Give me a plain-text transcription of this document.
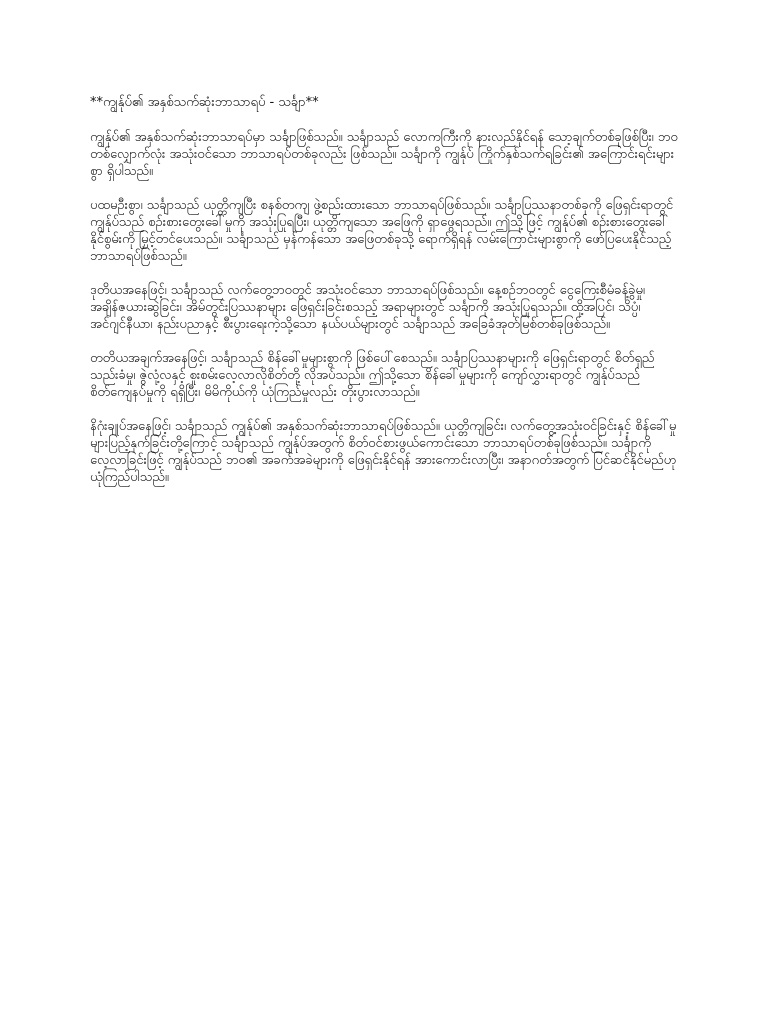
**ကျွန်ုပ်၏ အနှစ်သက်ဆုံးဘာသာရပ် - သင်္ချာ**

ကျွန်ုပ်၏ အနှစ်သက်ဆုံးဘာသာရပ်မှာ သင်္ချာဖြစ်သည်။ သင်္ချာသည် လောကကြီးကို နားလည်နိုင်ရန် သော့ချက်တစ်ခုဖြစ်ပြီး၊ ဘဝတစ်လျှောက်လုံး အသုံးဝင်သော ဘာသာရပ်တစ်ခုလည်း ဖြစ်သည်။ သင်္ချာကို ကျွန်ုပ် ကြိုက်နှစ်သက်ရခြင်း၏ အကြောင်းရင်းများစွာ ရှိပါသည်။

ပထမဦးစွာ၊ သင်္ချာသည် ယုတ္တိကျပြီး စနစ်တကျ ဖွဲ့စည်းထားသော ဘာသာရပ်ဖြစ်သည်။ သင်္ချာပြဿနာတစ်ခုကို ဖြေရှင်းရာတွင် ကျွန်ုပ်သည် စဉ်းစားတွေးခေါ်မှုကို အသုံးပြုရပြီး၊ ယုတ္တိကျသော အဖြေကို ရှာဖွေရသည်။ ဤသို့ဖြင့် ကျွန်ုပ်၏ စဉ်းစားတွေးခေါ်နိုင်စွမ်းကို မြှင့်တင်ပေးသည်။ သင်္ချာသည် မှန်ကန်သော အဖြေတစ်ခုသို့ ရောက်ရှိရန် လမ်းကြောင်းများစွာကို ဖော်ပြပေးနိုင်သည့် ဘာသာရပ်ဖြစ်သည်။

ဒုတိယအနေဖြင့်၊ သင်္ချာသည် လက်တွေ့ဘဝတွင် အသုံးဝင်သော ဘာသာရပ်ဖြစ်သည်။ နေ့စဉ်ဘဝတွင် ငွေကြေးစီမံခန့်ခွဲမှု၊ အချိန်ဇယားဆွဲခြင်း၊ အိမ်တွင်းပြဿနာများ ဖြေရှင်းခြင်းစသည့် အရာများတွင် သင်္ချာကို အသုံးပြုရသည်။ ထို့အပြင်၊ သိပ္ပံ၊ အင်ဂျင်နီယာ၊ နည်းပညာနှင့် စီးပွားရေးကဲ့သို့သော နယ်ပယ်များတွင် သင်္ချာသည် အခြေခံအုတ်မြစ်တစ်ခုဖြစ်သည်။

တတိယအချက်အနေဖြင့်၊ သင်္ချာသည် စိန်ခေါ်မှုများစွာကို ဖြစ်ပေါ်စေသည်။ သင်္ချာပြဿနာများကို ဖြေရှင်းရာတွင် စိတ်ရှည်သည်းခံမှု၊ ဇွဲလုံ့လနှင့် စူးစမ်းလေ့လာလိုစိတ်တို့ လိုအပ်သည်။ ဤသို့သော စိန်ခေါ်မှုများကို ကျော်လွှားရာတွင် ကျွန်ုပ်သည် စိတ်ကျေနပ်မှုကို ရရှိပြီး၊ မိမိကိုယ်ကို ယုံကြည်မှုလည်း တိုးပွားလာသည်။

နိဂုံးချုပ်အနေဖြင့်၊ သင်္ချာသည် ကျွန်ုပ်၏ အနှစ်သက်ဆုံးဘာသာရပ်ဖြစ်သည်။ ယုတ္တိကျခြင်း၊ လက်တွေ့အသုံးဝင်ခြင်းနှင့် စိန်ခေါ်မှုများပြည့်နှက်ခြင်းတို့ကြောင့် သင်္ချာသည် ကျွန်ုပ်အတွက် စိတ်ဝင်စားဖွယ်ကောင်းသော ဘာသာရပ်တစ်ခုဖြစ်သည်။ သင်္ချာကို လေ့လာခြင်းဖြင့် ကျွန်ုပ်သည် ဘဝ၏ အခက်အခဲများကို ဖြေရှင်းနိုင်ရန် အားကောင်းလာပြီး၊ အနာဂတ်အတွက် ပြင်ဆင်နိုင်မည်ဟု ယုံကြည်ပါသည်။
